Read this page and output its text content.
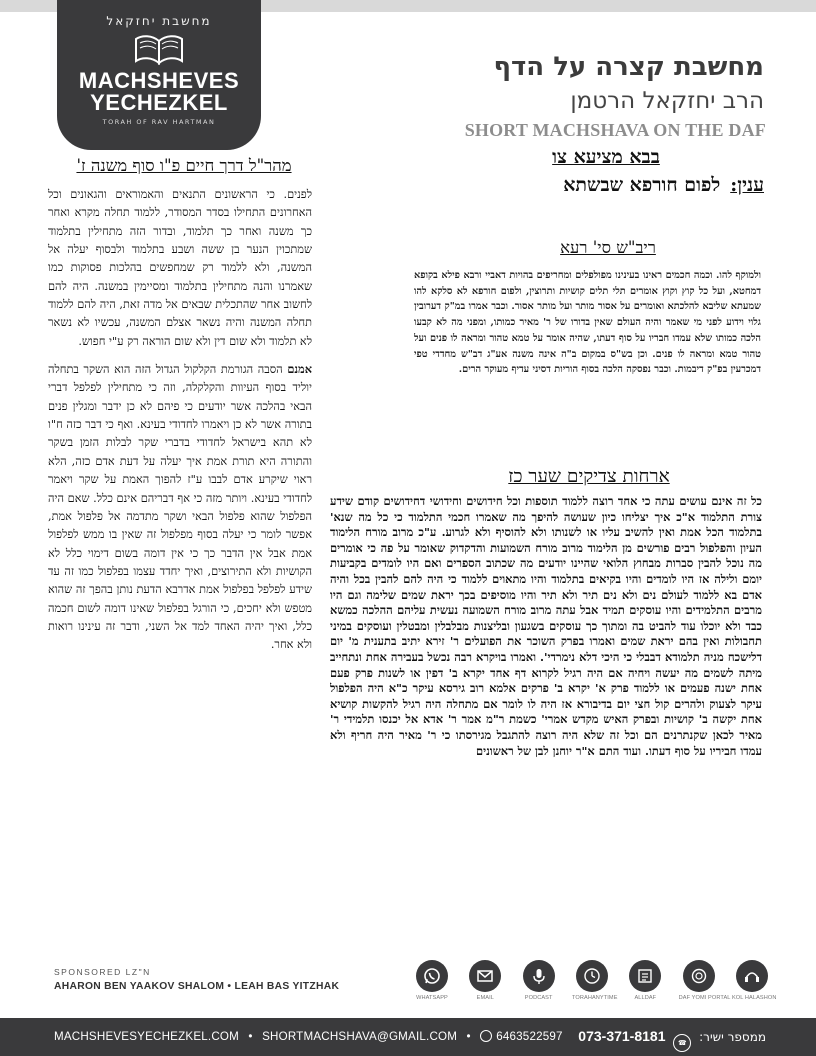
מחשבת יחזקאל
MACHSHEVES
YECHEZKEL
TORAH OF RAV HARTMAN
מחשבת קצרה על הדף
הרב יחזקאל הרטמן
SHORT MACHSHAVA ON THE DAF
בבא מציעא צו
ענין:לפום חורפא שבשתא
מהר"ל דרך חיים פ"ו סוף משנה ז'

לפנים. כי הראשונים התנאים והאמוראים והגאונים וכל האחרונים התחילו בסדר המסודר, ללמוד תחלה מקרא ואחר כך משנה ואחר כך תלמוד, ובדור הזה מתחילין בתלמוד שמתכוין הנער בן ששה ושבע בתלמוד ולבסוף יעלה אל המשנה, ולא ללמוד רק שמחפשים בהלכות פסוקות כמו שאמרנו והנה מתחילין בתלמוד ומסיימין במשנה. היה להם לחשוב אחר שהתכלית שבאים אל מדה זאת, היה להם ללמוד תחלה המשנה והיה נשאר אצלם המשנה, עכשיו לא נשאר לא תלמוד ולא שום דין ולא שום הוראה רק ע"י חפוש.

אמנם הסבה הגורמת הקלקול הגדול הזה הוא השקר בתחלה יוליד בסוף העיוות והקלקלה, וזה כי מתחילין לפלפל דברי הבאי בהלכה אשר יודעים כי פיהם לא כן ידבר ומגלין פנים בתורה אשר לא כן ויאמרו לחדודי בעינא. ואף כי דבר כזה ח"ו לא תהא בישראל לחדודי בדברי שקר לבלות הזמן בשקר והתורה היא תורת אמת איך יעלה על דעת אדם כזה, הלא ראוי שיקרע אדם לבבו ע"ז להפוך האמת על שקר ויאמר לחדודי בעינא. ויותר מזה כי אף דבריהם אינם כלל. שאם היה הפלפול שהוא פלפול הבאי ושקר מתדמה אל פלפול אמת, אפשר לומר כי יעלה בסוף מפלפול זה שאין בו ממש לפלפול אמת אבל אין הדבר כך כי אין דומה בשום דימוי כלל לא הקושיות ולא התירוצים, ואיך יחדד עצמו בפלפול כמו זה עד שידע לפלפל בפלפול אמת אדרבא הדעת נותן בהפך זה שהוא מטפש ולא יחכים, כי הורגל בפלפול שאינו דומה לשום חכמה כלל, ואיך יהיה האחד למד אל השני, ודבר זה עינינו רואות ולא אחר.

ריב"ש סי' רעא
ולמוקף להו. וכמה חכמים ראינו בעינינו מפולפלים ומחריפים בהויות דאביי ורבא פילא בקופא דמחטא, ועל כל קוץ וקוץ אומרים תלי תלים קושיות ותרוצין, ולפום חורפא לא סלקא להו שמעתא שליבא להלכתא ואומרים על אסור מותר ועל מותר אסור. וכבר אמרו במ"ק דערובין גלוי וידוע לפני מי שאמר והיה העולם שאין בדורו של ר' מאיר כמותו, ומפני מה לא קבעו הלכה כמותו שלא עמדו חבריו על סוף דעתו, שהיה אומר על טמא טהור ומראה לו פנים ועל טהור טמא ומראה לו פנים. וכן בש"ס במקום ב"ה אינה משנה אע"ג דב"ש מחדדי טפי דמכרעין בפ"ק דיבמות. וכבר נפסקה הלכה בסוף הוריות דסיני עדיף מעוקר הרים.
ארחות צדיקים שער כז
כל זה אינם עושים עתה כי אחד רוצה ללמוד תוספות וכל חידושים וחידושי דחידושים קודם שידע צורת התלמוד א"כ איך יצליחו כיון שעושה להיפך מה שאמרו חכמי התלמוד כי כל מה שנא' בתלמוד הכל אמת ואין להשיב עליו או לשנותו ולא להוסיף ולא לגרוע. ע"כ מרוב מורח הלימוד העיון והפלפול רבים פורשים מן הלימוד מרוב מורח השמועות והדקדוק שאומר על פה כי אומרים מה נוכל להבין סברות מבחוץ הלואי שהיינו יודעים מה שכתוב הספרים ואם היו לומדים בקביעות יומם ולילה אז היו לומדים והיו בקיאים בתלמוד והיו מתאוים ללמוד כי היה להם להבין בכל והיה אדם בא ללמוד לעולם נים ולא נים תיר ולא תיר והיו מוסיפים בכך יראת שמים שלימה וגם היו מרבים התלמידים והיו עוסקים תמיד אבל עתה מרוב מורח השמועה נעשית עליהם ההלכה כמשא כבד ולא יוכלו עוד להביט בה ומתוך כך עוסקים בשגעון ובליצנות מבלבלין ומבטלין ועוסקים במיני תחבולות ואין בהם יראת שמים ואמרו בפרק השוכר את הפועלים ר' זירא יתיב בתענית מ' יום דלישכח מניה תלמודא דבבלי כי היכי דלא נימרדי'. ואמרו בויקרא רבה נכשל בעבירה אחת ונתחייב מיתה לשמים מה יעשה ויחיה אם היה רגיל לקרוא דף אחד יקרא ב' דפין או לשנות פרק פעם אחת ישנה פעמים או ללמוד פרק א' יקרא ב' פרקים אלמא רוב גירסא עיקר כ"א היה הפלפול עיקר לצעוק ולהרים קול חצי יום בדיבורא אז היה לו לומר אם מתחלה היה רגיל להקשות קושיא אחת יקשה ב' קושיות ובפרק האיש מקדש אמרי' כשמת ר"מ אמר ר' אדא אל יכנסו תלמידי ר' מאיר לכאן שקנתרנים הם וכל זה שלא היה רוצה להתגבל מגירסתו כי ר' מאיר היה חריף ולא עמדו חביריו על סוף דעתו. ועוד התם א"ר יוחנן לבן של ראשונים
SPONSORED LZ"N
AHARON BEN YAAKOV SHALOM • LEAH BAS YITZHAK
WHATSAPP	EMAIL	PODCAST	TORAHANYTIME	ALLDAF	DAF YOMI PORTAL KOL HALASHON
MACHSHEVESYECHEZKEL.COM • SHORTMACHSHAVA@GMAIL.COM • 6463522597	ממספר ישיר: ☎ 073-371-8181
